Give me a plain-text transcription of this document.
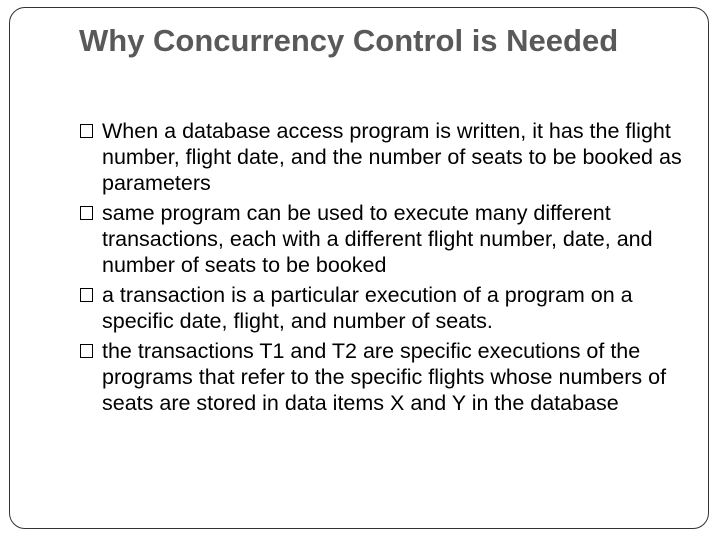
Why Concurrency Control is Needed
When a database access program is written, it has the flight number, flight date, and the number of seats to be booked as parameters
same program can be used to execute many different transactions, each with a different flight number, date, and number of seats to be booked
a transaction is a particular execution of a program on a specific date, flight, and number of seats.
the transactions T1 and T2 are specific executions of the programs that refer to the specific flights whose numbers of seats are stored in data items X and Y in the database
